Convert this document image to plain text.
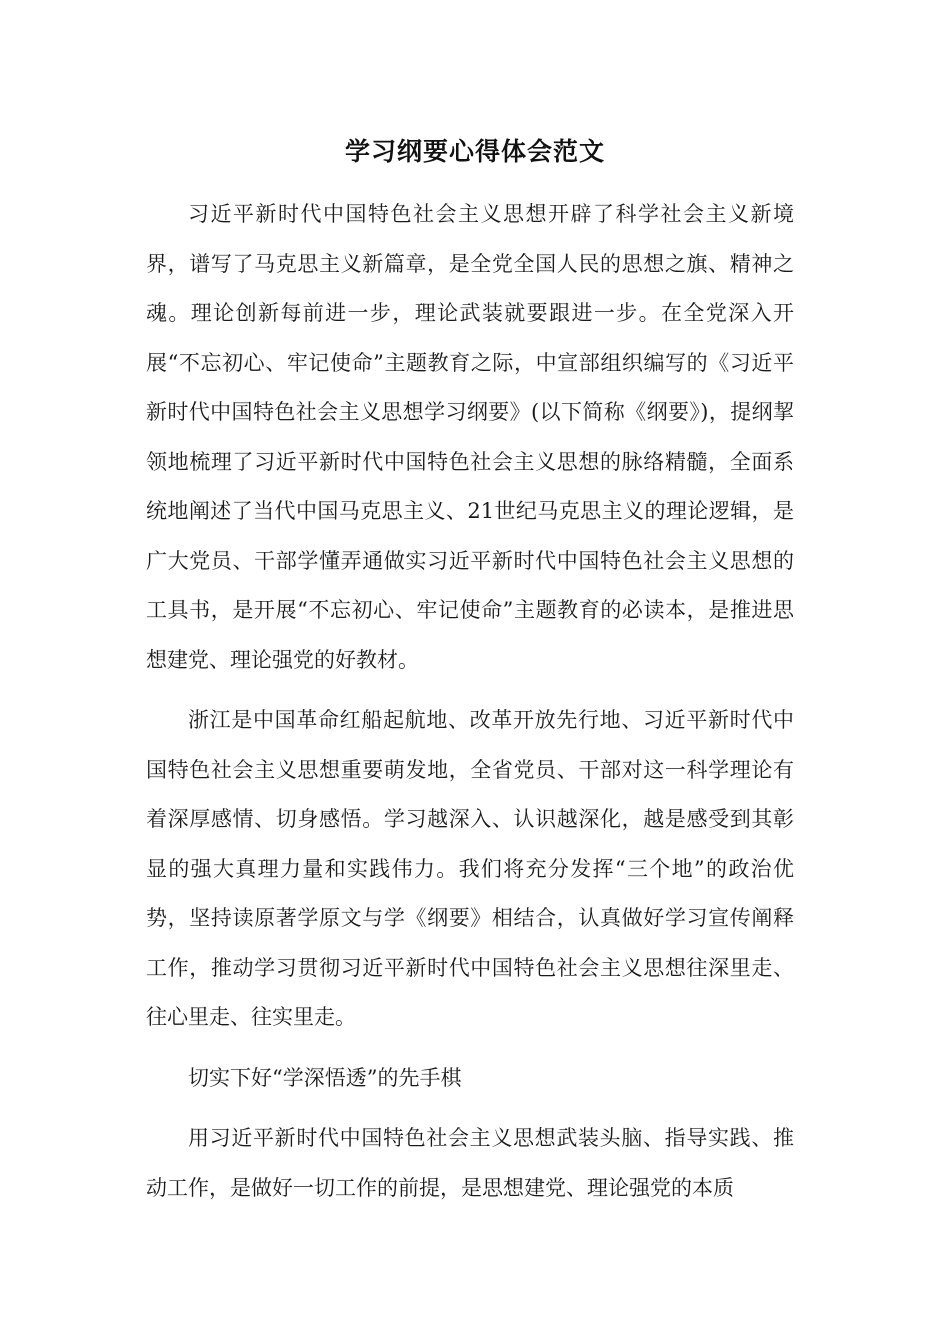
学习纲要心得体会范文

习近平新时代中国特色社会主义思想开辟了科学社会主义新境界，谱写了马克思主义新篇章，是全党全国人民的思想之旗、精神之魂。理论创新每前进一步，理论武装就要跟进一步。在全党深入开展“不忘初心、牢记使命”主题教育之际，中宣部组织编写的《习近平新时代中国特色社会主义思想学习纲要》(以下简称《纲要》)，提纲挈领地梳理了习近平新时代中国特色社会主义思想的脉络精髓，全面系统地阐述了当代中国马克思主义、21世纪马克思主义的理论逻辑，是广大党员、干部学懂弄通做实习近平新时代中国特色社会主义思想的工具书，是开展“不忘初心、牢记使命”主题教育的必读本，是推进思想建党、理论强党的好教材。

浙江是中国革命红船起航地、改革开放先行地、习近平新时代中国特色社会主义思想重要萌发地，全省党员、干部对这一科学理论有着深厚感情、切身感悟。学习越深入、认识越深化，越是感受到其彰显的强大真理力量和实践伟力。我们将充分发挥“三个地”的政治优势，坚持读原著学原文与学《纲要》相结合，认真做好学习宣传阐释工作，推动学习贯彻习近平新时代中国特色社会主义思想往深里走、往心里走、往实里走。

切实下好“学深悟透”的先手棋

用习近平新时代中国特色社会主义思想武装头脑、指导实践、推动工作，是做好一切工作的前提，是思想建党、理论强党的本质
